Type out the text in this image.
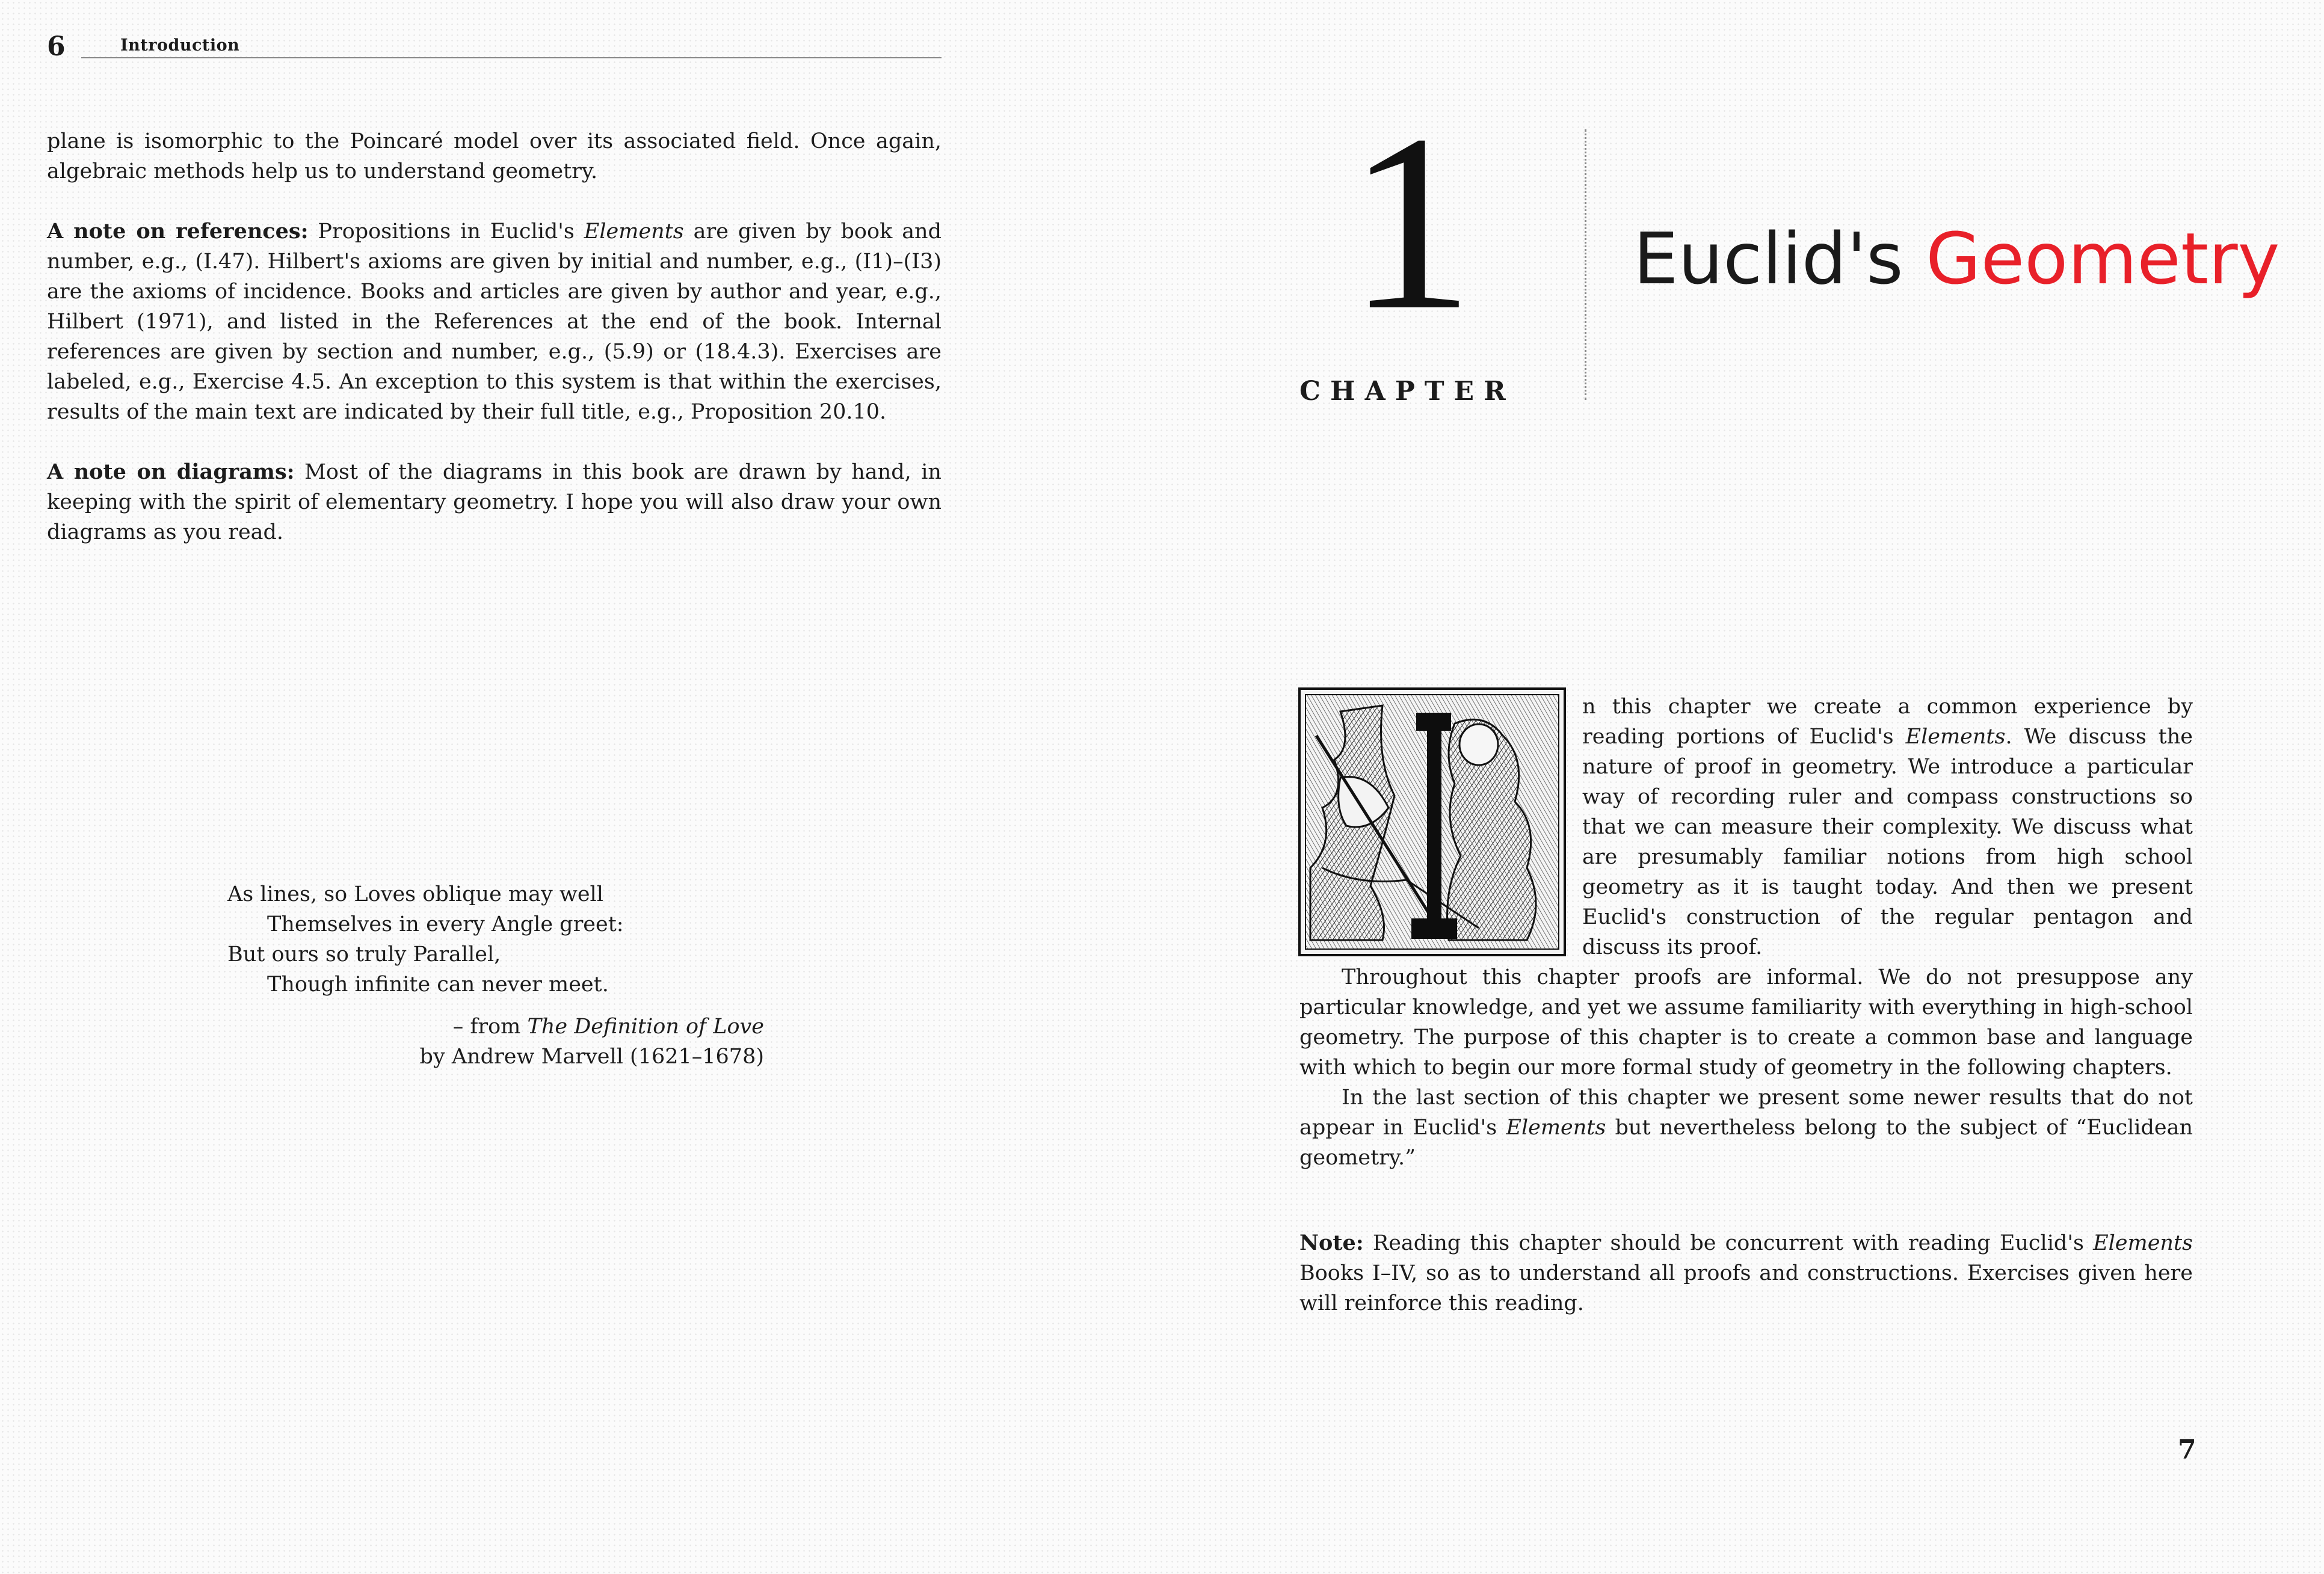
6	Introduction

plane is isomorphic to the Poincaré model over its associated field. Once again, algebraic methods help us to understand geometry.

A note on references: Propositions in Euclid's Elements are given by book and number, e.g., (I.47). Hilbert's axioms are given by initial and number, e.g., (I1)–(I3) are the axioms of incidence. Books and articles are given by author and year, e.g., Hilbert (1971), and listed in the References at the end of the book. Internal references are given by section and number, e.g., (5.9) or (18.4.3). Exercises are labeled, e.g., Exercise 4.5. An exception to this system is that within the exercises, results of the main text are indicated by their full title, e.g., Proposition 20.10.

A note on diagrams: Most of the diagrams in this book are drawn by hand, in keeping with the spirit of elementary geometry. I hope you will also draw your own diagrams as you read.

As lines, so Loves oblique may well
Themselves in every Angle greet:
But ours so truly Parallel,
Though infinite can never meet.
– from The Definition of Love
by Andrew Marvell (1621–1678)
1
CHAPTER
Euclid's Geometry

n this chapter we create a common experience by reading portions of Euclid's Elements. We discuss the nature of proof in geometry. We introduce a particular way of recording ruler and compass constructions so that we can measure their complexity. We discuss what are presumably familiar notions from high school geometry as it is taught today. And then we present Euclid's construction of the regular pentagon and discuss its proof.

Throughout this chapter proofs are informal. We do not presuppose any particular knowledge, and yet we assume familiarity with everything in high-school geometry. The purpose of this chapter is to create a common base and language with which to begin our more formal study of geometry in the following chapters.

In the last section of this chapter we present some newer results that do not appear in Euclid's Elements but nevertheless belong to the subject of “Euclidean geometry.”

Note: Reading this chapter should be concurrent with reading Euclid's Elements Books I–IV, so as to understand all proofs and constructions. Exercises given here will reinforce this reading.

7
